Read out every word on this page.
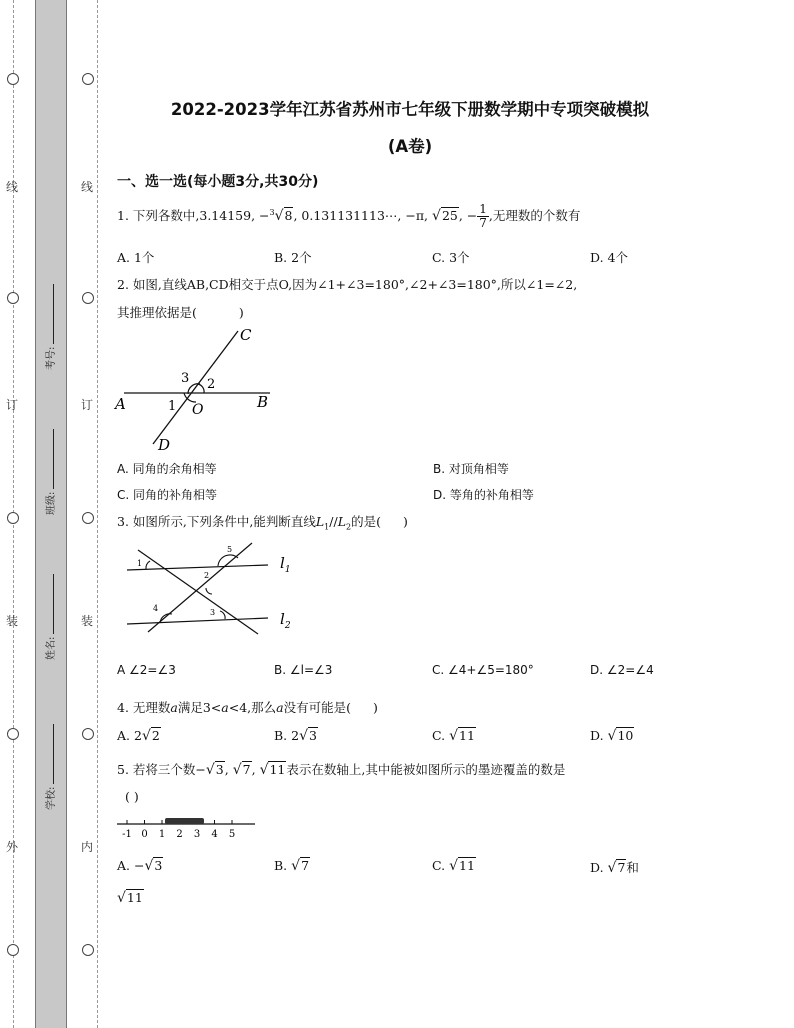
线
订
装
外
线
订
装
内
考号:
班级:
姓名:
学校:
2022-2023学年江苏省苏州市七年级下册数学期中专项突破模拟
(A卷)
一、选一选(每小题3分,共30分)
1. 下列各数中,3.14159, −$^3$√8, 0.131131113⋯, −π, √25, − $\frac{1}{7}$ ,无理数的个数有
A. 1个	B. 2个	C. 3个	D. 4个
2. 如图,直线AB,CD相交于点O,因为∠1+∠3=180°,∠2+∠3=180°,所以∠1=∠2,
其推理依据是(	)
A	B
C
D
O
1
2
3
A. 同角的余角相等	B. 对顶角相等
C. 同角的补角相等	D. 等角的补角相等
3. 如图所示,下列条件中,能判断直线$L_1//L_2$的是( )
1
2
3
4
5
$l_1$
$l_2$
A ∠2=∠3	B. ∠l=∠3	C. ∠4+∠5=180°	D. ∠2=∠4
4. 无理数a满足3<a<4,那么a没有可能是( )
A. 2√2	B. 2√3	C. √11	D. √10
5. 若将三个数−√3, √7, √11表示在数轴上,其中能被如图所示的墨迹覆盖的数是
( )
-1 0 1 2 3 4 5
A. −√3	B. √7	C. √11	D. √7和
√11
